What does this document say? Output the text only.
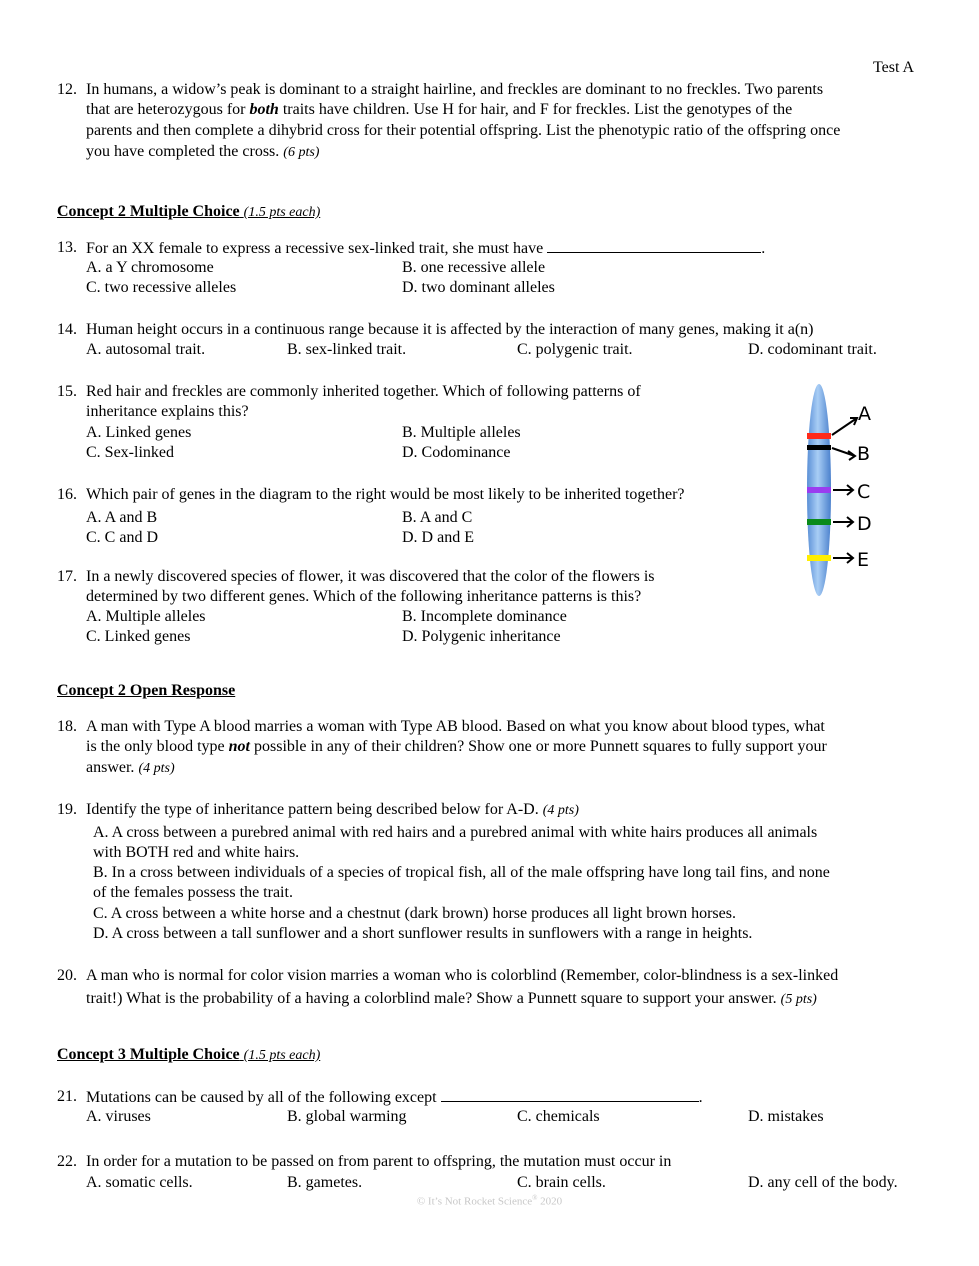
Test A
12. In humans, a widow’s peak is dominant to a straight hairline, and freckles are dominant to no freckles. Two parents
that are heterozygous for both traits have children. Use H for hair, and F for freckles. List the genotypes of the
parents and then complete a dihybrid cross for their potential offspring. List the phenotypic ratio of the offspring once
you have completed the cross. (6 pts)
Concept 2 Multiple Choice (1.5 pts each)
13. For an XX female to express a recessive sex-linked trait, she must have	.
A. a Y chromosome	B. one recessive allele
C. two recessive alleles	D. two dominant alleles
14. Human height occurs in a continuous range because it is affected by the interaction of many genes, making it a(n)
A. autosomal trait.	B. sex-linked trait.	C. polygenic trait.	D. codominant trait.
15. Red hair and freckles are commonly inherited together. Which of following patterns of
inheritance explains this?
A. Linked genes	B. Multiple alleles
C. Sex-linked	D. Codominance
A
B
C
D
E
16. Which pair of genes in the diagram to the right would be most likely to be inherited together?
A. A and B	B. A and C
C. C and D	D. D and E
17. In a newly discovered species of flower, it was discovered that the color of the flowers is
determined by two different genes. Which of the following inheritance patterns is this?
A. Multiple alleles	B. Incomplete dominance
C. Linked genes	D. Polygenic inheritance
Concept 2 Open Response
18. A man with Type A blood marries a woman with Type AB blood. Based on what you know about blood types, what
is the only blood type not possible in any of their children? Show one or more Punnett squares to fully support your
answer. (4 pts)
19. Identify the type of inheritance pattern being described below for A-D. (4 pts)
A. A cross between a purebred animal with red hairs and a purebred animal with white hairs produces all animals
with BOTH red and white hairs.
B. In a cross between individuals of a species of tropical fish, all of the male offspring have long tail fins, and none
of the females possess the trait.
C. A cross between a white horse and a chestnut (dark brown) horse produces all light brown horses.
D. A cross between a tall sunflower and a short sunflower results in sunflowers with a range in heights.
20. A man who is normal for color vision marries a woman who is colorblind (Remember, color-blindness is a sex-linked
trait!) What is the probability of a having a colorblind male? Show a Punnett square to support your answer. (5 pts)
Concept 3 Multiple Choice (1.5 pts each)
21. Mutations can be caused by all of the following except	.
A. viruses	B. global warming	C. chemicals	D. mistakes
22. In order for a mutation to be passed on from parent to offspring, the mutation must occur in
A. somatic cells.	B. gametes.	C. brain cells.	D. any cell of the body.
© It’s Not Rocket Science® 2020
